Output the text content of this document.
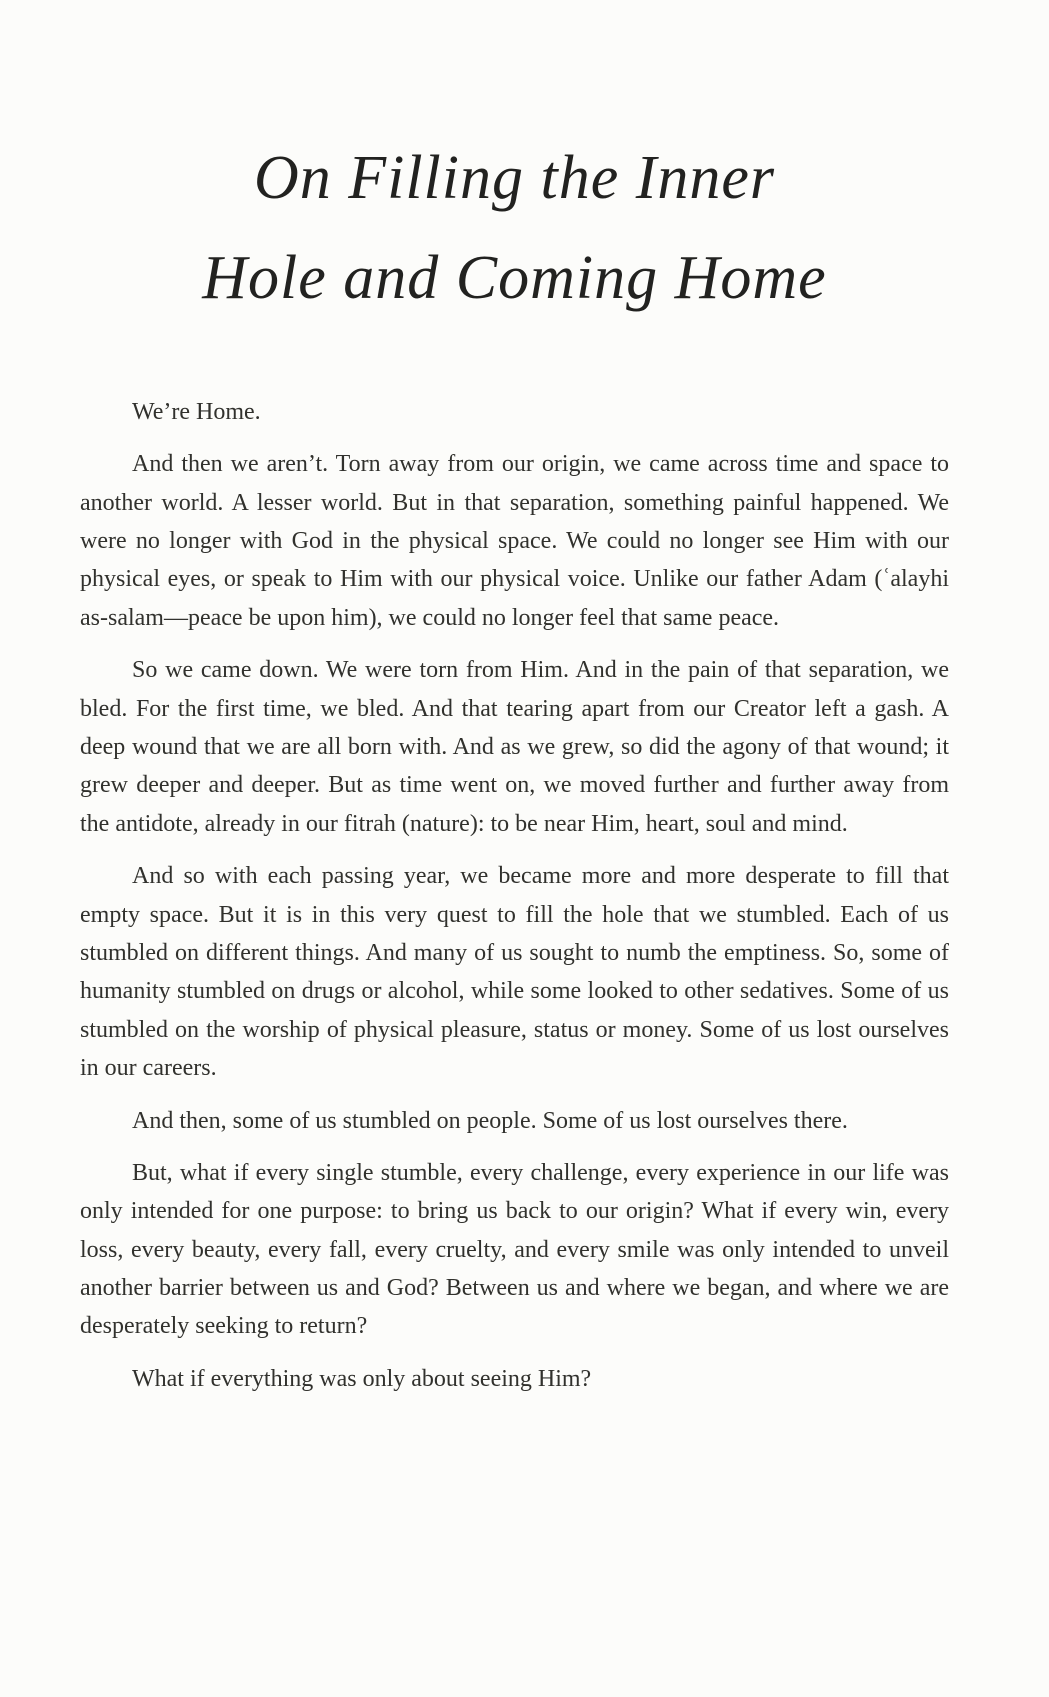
On Filling the Inner
Hole and Coming Home

We’re Home.

And then we aren’t. Torn away from our origin, we came across time and space to another world. A lesser world. But in that separation, something painful happened. We were no longer with God in the physical space. We could no longer see Him with our physical eyes, or speak to Him with our physical voice. Unlike our father Adam (ʿalayhi as-salam—peace be upon him), we could no longer feel that same peace.

So we came down. We were torn from Him. And in the pain of that separation, we bled. For the first time, we bled. And that tearing apart from our Creator left a gash. A deep wound that we are all born with. And as we grew, so did the agony of that wound; it grew deeper and deeper. But as time went on, we moved further and further away from the antidote, already in our fitrah (nature): to be near Him, heart, soul and mind.

And so with each passing year, we became more and more desperate to fill that empty space. But it is in this very quest to fill the hole that we stumbled. Each of us stumbled on different things. And many of us sought to numb the emptiness. So, some of humanity stumbled on drugs or alcohol, while some looked to other sedatives. Some of us stumbled on the worship of physical pleasure, status or money. Some of us lost ourselves in our careers.

And then, some of us stumbled on people. Some of us lost ourselves there.

But, what if every single stumble, every challenge, every experience in our life was only intended for one purpose: to bring us back to our origin? What if every win, every loss, every beauty, every fall, every cruelty, and every smile was only intended to unveil another barrier between us and God? Between us and where we began, and where we are desperately seeking to return?

What if everything was only about seeing Him?
